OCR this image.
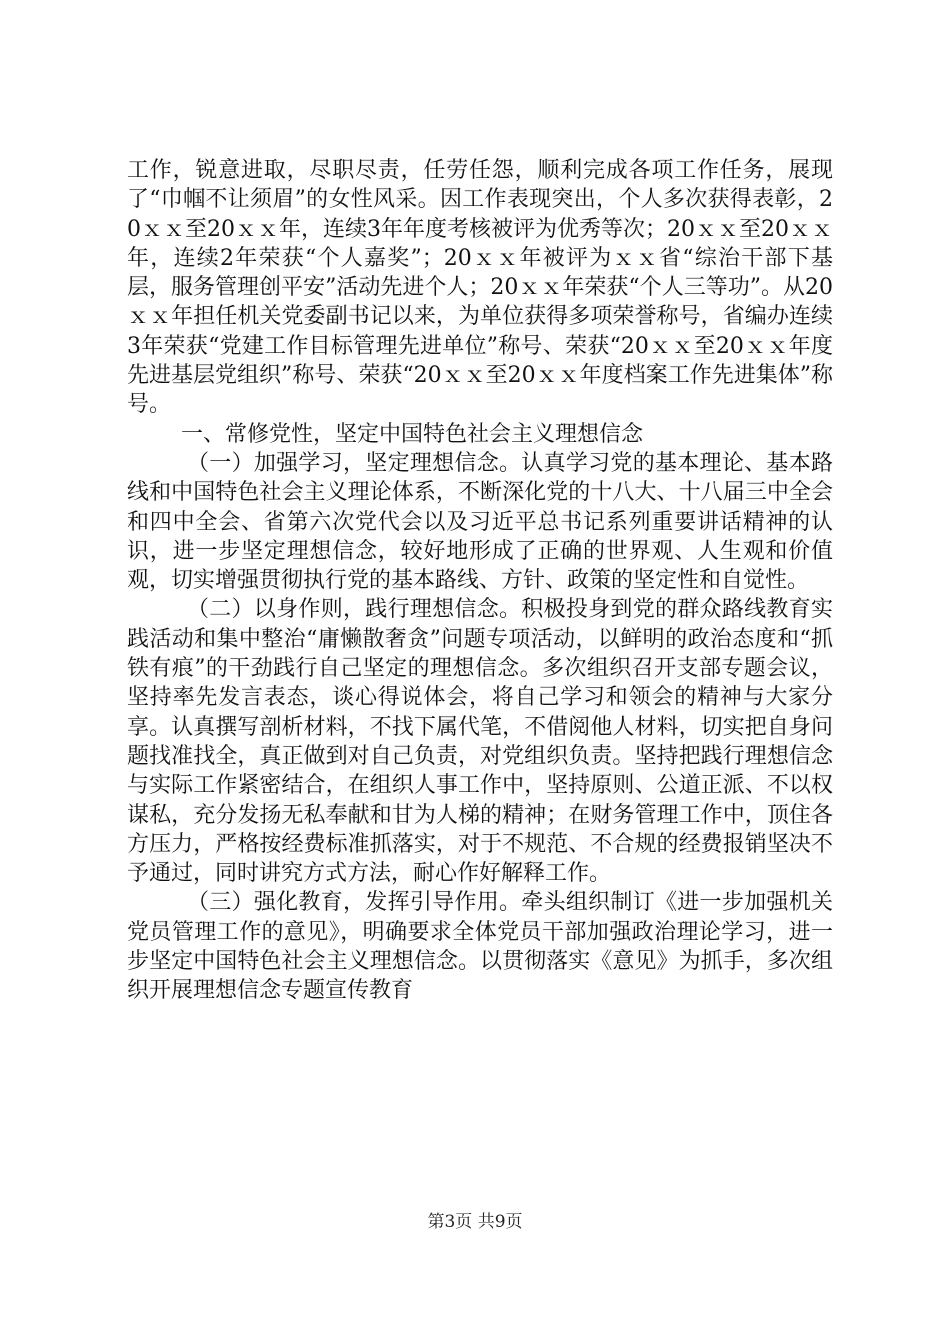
工作，锐意进取，尽职尽责，任劳任怨，顺利完成各项工作任务，展现了“巾帼不让须眉”的女性风采。因工作表现突出，个人多次获得表彰，20ｘｘ至20ｘｘ年，连续3年年度考核被评为优秀等次；20ｘｘ至20ｘｘ年，连续2年荣获“个人嘉奖”；20ｘｘ年被评为ｘｘ省“综治干部下基层，服务管理创平安”活动先进个人；20ｘｘ年荣获“个人三等功”。从20ｘｘ年担任机关党委副书记以来，为单位获得多项荣誉称号，省编办连续3年荣获“党建工作目标管理先进单位”称号、荣获“20ｘｘ至20ｘｘ年度先进基层党组织”称号、荣获“20ｘｘ至20ｘｘ年度档案工作先进集体”称号。

一、常修党性，坚定中国特色社会主义理想信念

（一）加强学习，坚定理想信念。认真学习党的基本理论、基本路线和中国特色社会主义理论体系，不断深化党的十八大、十八届三中全会和四中全会、省第六次党代会以及习近平总书记系列重要讲话精神的认识，进一步坚定理想信念，较好地形成了正确的世界观、人生观和价值观，切实增强贯彻执行党的基本路线、方针、政策的坚定性和自觉性。

（二）以身作则，践行理想信念。积极投身到党的群众路线教育实践活动和集中整治“庸懒散奢贪”问题专项活动，以鲜明的政治态度和“抓铁有痕”的干劲践行自己坚定的理想信念。多次组织召开支部专题会议，坚持率先发言表态，谈心得说体会，将自己学习和领会的精神与大家分享。认真撰写剖析材料，不找下属代笔，不借阅他人材料，切实把自身问题找准找全，真正做到对自己负责，对党组织负责。坚持把践行理想信念与实际工作紧密结合，在组织人事工作中，坚持原则、公道正派、不以权谋私，充分发扬无私奉献和甘为人梯的精神；在财务管理工作中，顶住各方压力，严格按经费标准抓落实，对于不规范、不合规的经费报销坚决不予通过，同时讲究方式方法，耐心作好解释工作。

（三）强化教育，发挥引导作用。牵头组织制订《进一步加强机关党员管理工作的意见》，明确要求全体党员干部加强政治理论学习，进一步坚定中国特色社会主义理想信念。以贯彻落实《意见》为抓手，多次组织开展理想信念专题宣传教育

第3页 共9页
